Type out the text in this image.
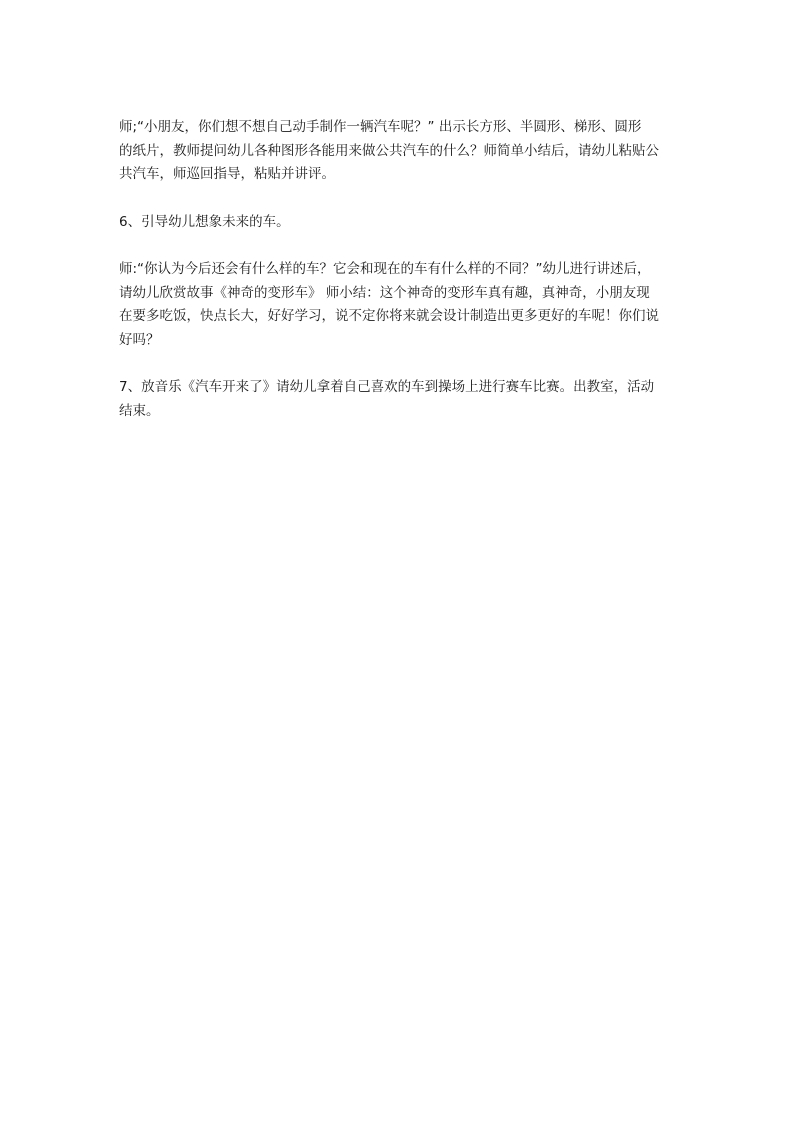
师;“小朋友，你们想不想自己动手制作一辆汽车呢？” 出示长方形、半圆形、梯形、圆形
的纸片，教师提问幼儿各种图形各能用来做公共汽车的什么？师简单小结后，请幼儿粘贴公
共汽车，师巡回指导，粘贴并讲评。

6、引导幼儿想象未来的车。

师:“你认为今后还会有什么样的车？它会和现在的车有什么样的不同？”幼儿进行讲述后，
请幼儿欣赏故事《神奇的变形车》 师小结：这个神奇的变形车真有趣，真神奇，小朋友现
在要多吃饭，快点长大，好好学习，说不定你将来就会设计制造出更多更好的车呢！你们说
好吗？

7、放音乐《汽车开来了》请幼儿拿着自己喜欢的车到操场上进行赛车比赛。出教室，活动
结束。
